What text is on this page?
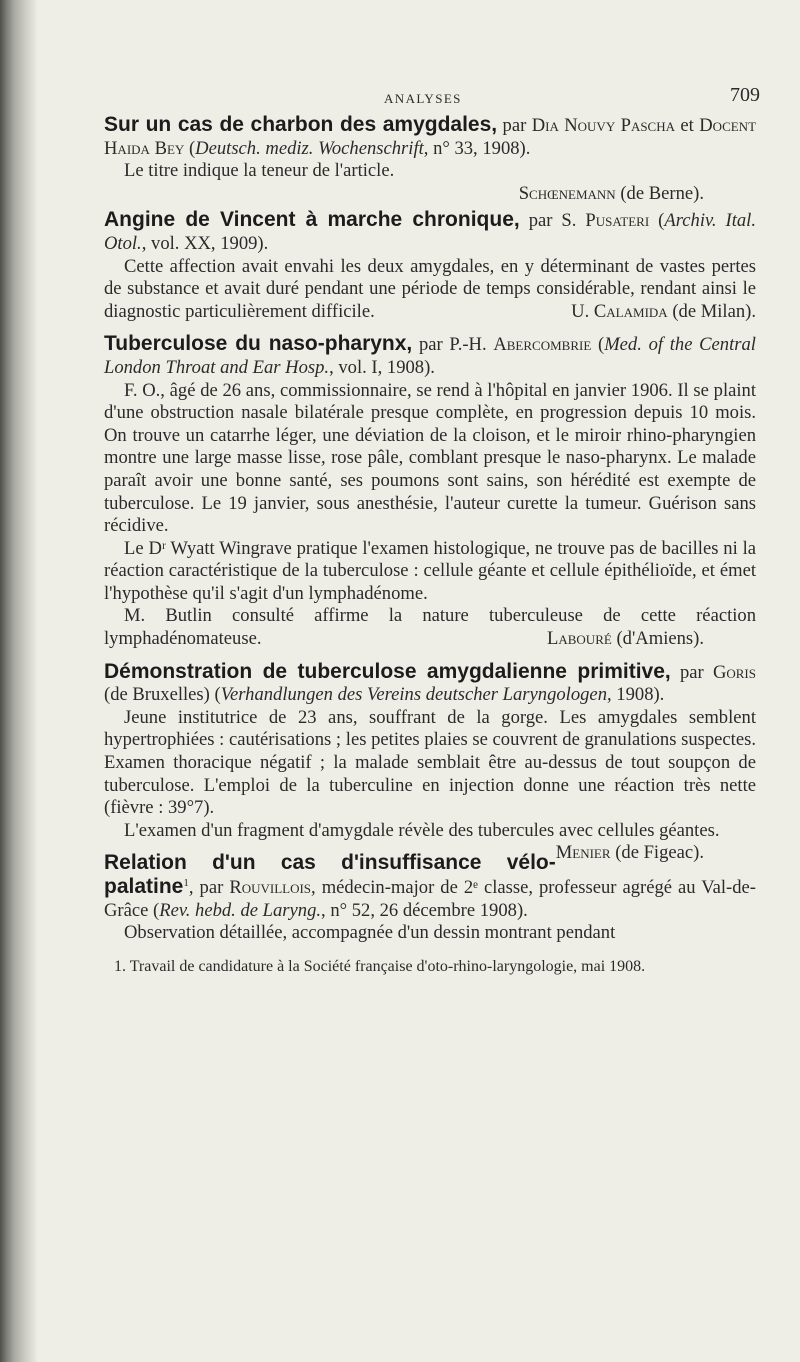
ANALYSES	709
Sur un cas de charbon des amygdales, par Dia Nouvy Pascha et Docent Haida Bey (Deutsch. mediz. Wochenschrift, n° 33, 1908).

Le titre indique la teneur de l'article.

Schœnemann (de Berne).
Angine de Vincent à marche chronique, par S. Pusateri (Archiv. Ital. Otol., vol. XX, 1909).

Cette affection avait envahi les deux amygdales, en y déterminant de vastes pertes de substance et avait duré pendant une période de temps considérable, rendant ainsi le diagnostic particulièrement difficile.	U. Calamida (de Milan).

Tuberculose du naso-pharynx, par P.-H. Abercombrie (Med. of the Central London Throat and Ear Hosp., vol. I, 1908).

F. O., âgé de 26 ans, commissionnaire, se rend à l'hôpital en janvier 1906. Il se plaint d'une obstruction nasale bilatérale presque complète, en progression depuis 10 mois. On trouve un catarrhe léger, une déviation de la cloison, et le miroir rhino-pharyngien montre une large masse lisse, rose pâle, comblant presque le naso-pharynx. Le malade paraît avoir une bonne santé, ses poumons sont sains, son hérédité est exempte de tuberculose. Le 19 janvier, sous anesthésie, l'auteur curette la tumeur. Guérison sans récidive.

Le Dʳ Wyatt Wingrave pratique l'examen histologique, ne trouve pas de bacilles ni la réaction caractéristique de la tuberculose : cellule géante et cellule épithélioïde, et émet l'hypothèse qu'il s'agit d'un lymphadénome.

M. Butlin consulté affirme la nature tuberculeuse de cette réaction lymphadénomateuse.	Labouré (d'Amiens).

Démonstration de tuberculose amygdalienne primitive, par Goris (de Bruxelles) (Verhandlungen des Vereins deutscher Laryngologen, 1908).

Jeune institutrice de 23 ans, souffrant de la gorge. Les amygdales semblent hypertrophiées : cautérisations ; les petites plaies se couvrent de granulations suspectes. Examen thoracique négatif ; la malade semblait être au-dessus de tout soupçon de tuberculose. L'emploi de la tuberculine en injection donne une réaction très nette (fièvre : 39°7).

L'examen d'un fragment d'amygdale révèle des tubercules avec cellules géantes.
Menier (de Figeac).

Relation d'un cas d'insuffisance vélo-palatine$^1$, par Rouvillois, médecin-major de 2ᵉ classe, professeur agrégé au Val-de-Grâce (Rev. hebd. de Laryng., n° 52, 26 décembre 1908).

Observation détaillée, accompagnée d'un dessin montrant pendant

1. Travail de candidature à la Société française d'oto-rhino-laryngologie, mai 1908.
